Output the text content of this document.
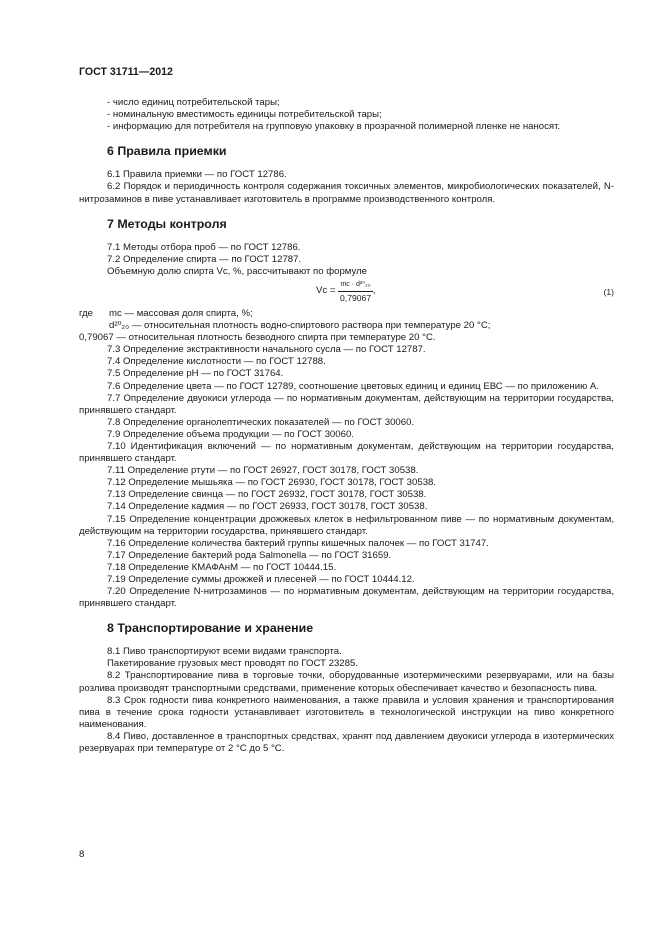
ГОСТ 31711—2012

- число единиц потребительской тары;

- номинальную вместимость единицы потребительской тары;

- информацию для потребителя на групповую упаковку в прозрачной полимерной пленке не наносят.

6 Правила приемки

6.1 Правила приемки — по ГОСТ 12786.

6.2 Порядок и периодичность контроля содержания токсичных элементов, микробиологических показателей, N-нитрозаминов в пиве устанавливает изготовитель в программе производственного контроля.

7 Методы контроля

7.1 Методы отбора проб — по ГОСТ 12786.

7.2 Определение спирта — по ГОСТ 12787.

Объемную долю спирта Vс, %, рассчитывают по формуле

Vс = $\frac{\text{mс · d²⁰₂₀}}{0,79067}$ ,	(1)
где	mс — массовая доля спирта, %;
d²⁰₂₀ — относительная плотность водно-спиртового раствора при температуре 20 °С;

0,79067 — относительная плотность безводного спирта при температуре 20 °С.

7.3 Определение экстрактивности начального сусла — по ГОСТ 12787.

7.4 Определение кислотности — по ГОСТ 12788.

7.5 Определение рН — по ГОСТ 31764.

7.6 Определение цвета — по ГОСТ 12789, соотношение цветовых единиц и единиц ЕВС — по приложению А.

7.7 Определение двуокиси углерода — по нормативным документам, действующим на территории государства, принявшего стандарт.

7.8 Определение органолептических показателей — по ГОСТ 30060.

7.9 Определение объема продукции — по ГОСТ 30060.

7.10 Идентификация включений — по нормативным документам, действующим на территории государства, принявшего стандарт.

7.11 Определение ртути — по ГОСТ 26927, ГОСТ 30178, ГОСТ 30538.

7.12 Определение мышьяка — по ГОСТ 26930, ГОСТ 30178, ГОСТ 30538.

7.13 Определение свинца — по ГОСТ 26932, ГОСТ 30178, ГОСТ 30538.

7.14 Определение кадмия — по ГОСТ 26933, ГОСТ 30178, ГОСТ 30538.

7.15 Определение концентрации дрожжевых клеток в нефильтрованном пиве — по нормативным документам, действующим на территории государства, принявшего стандарт.

7.16 Определение количества бактерий группы кишечных палочек — по ГОСТ 31747.

7.17 Определение бактерий рода Salmonella — по ГОСТ 31659.

7.18 Определение КМАФАнМ — по ГОСТ 10444.15.

7.19 Определение суммы дрожжей и плесеней — по ГОСТ 10444.12.

7.20 Определение N-нитрозаминов — по нормативным документам, действующим на территории государства, принявшего стандарт.

8 Транспортирование и хранение

8.1 Пиво транспортируют всеми видами транспорта.

Пакетирование грузовых мест проводят по ГОСТ 23285.

8.2 Транспортирование пива в торговые точки, оборудованные изотермическими резервуарами, или на базы розлива производят транспортными средствами, применение которых обеспечивает качество и безопасность пива.

8.3 Срок годности пива конкретного наименования, а также правила и условия хранения и транспортирования пива в течение срока годности устанавливает изготовитель в технологической инструкции на пиво конкретного наименования.

8.4 Пиво, доставленное в транспортных средствах, хранят под давлением двуокиси углерода в изотермических резервуарах при температуре от 2 °С до 5 °С.

8
